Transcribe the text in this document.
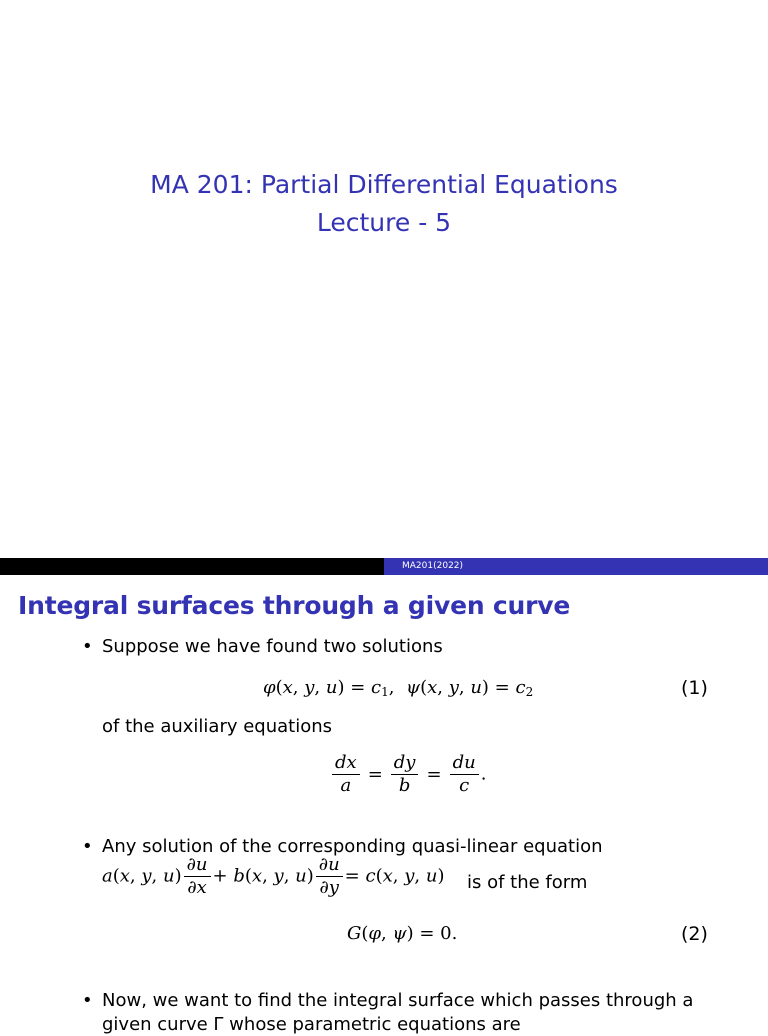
MA 201: Partial Differential Equations
Lecture - 5
MA201(2022)
Integral surfaces through a given curve
• Suppose we have found two solutions
φ(x, y, $u) = c_1$,  ψ(x, y, $u) = c_2$	(1)
of the auxiliary equations
$\frac{dx}{a} = \frac{dy}{b} = \frac{du}{c}$ .
• Any solution of the corresponding quasi-linear equation
a(x, y, $u) \frac{\partial u}{\partial x} + b(x$, y, $u) \frac{\partial u}{\partial y} = c(x$, y, u) is of the form
G(φ, ψ) = 0.	(2)
• Now, we want to find the integral surface which passes through a
given curve Γ whose parametric equations are
